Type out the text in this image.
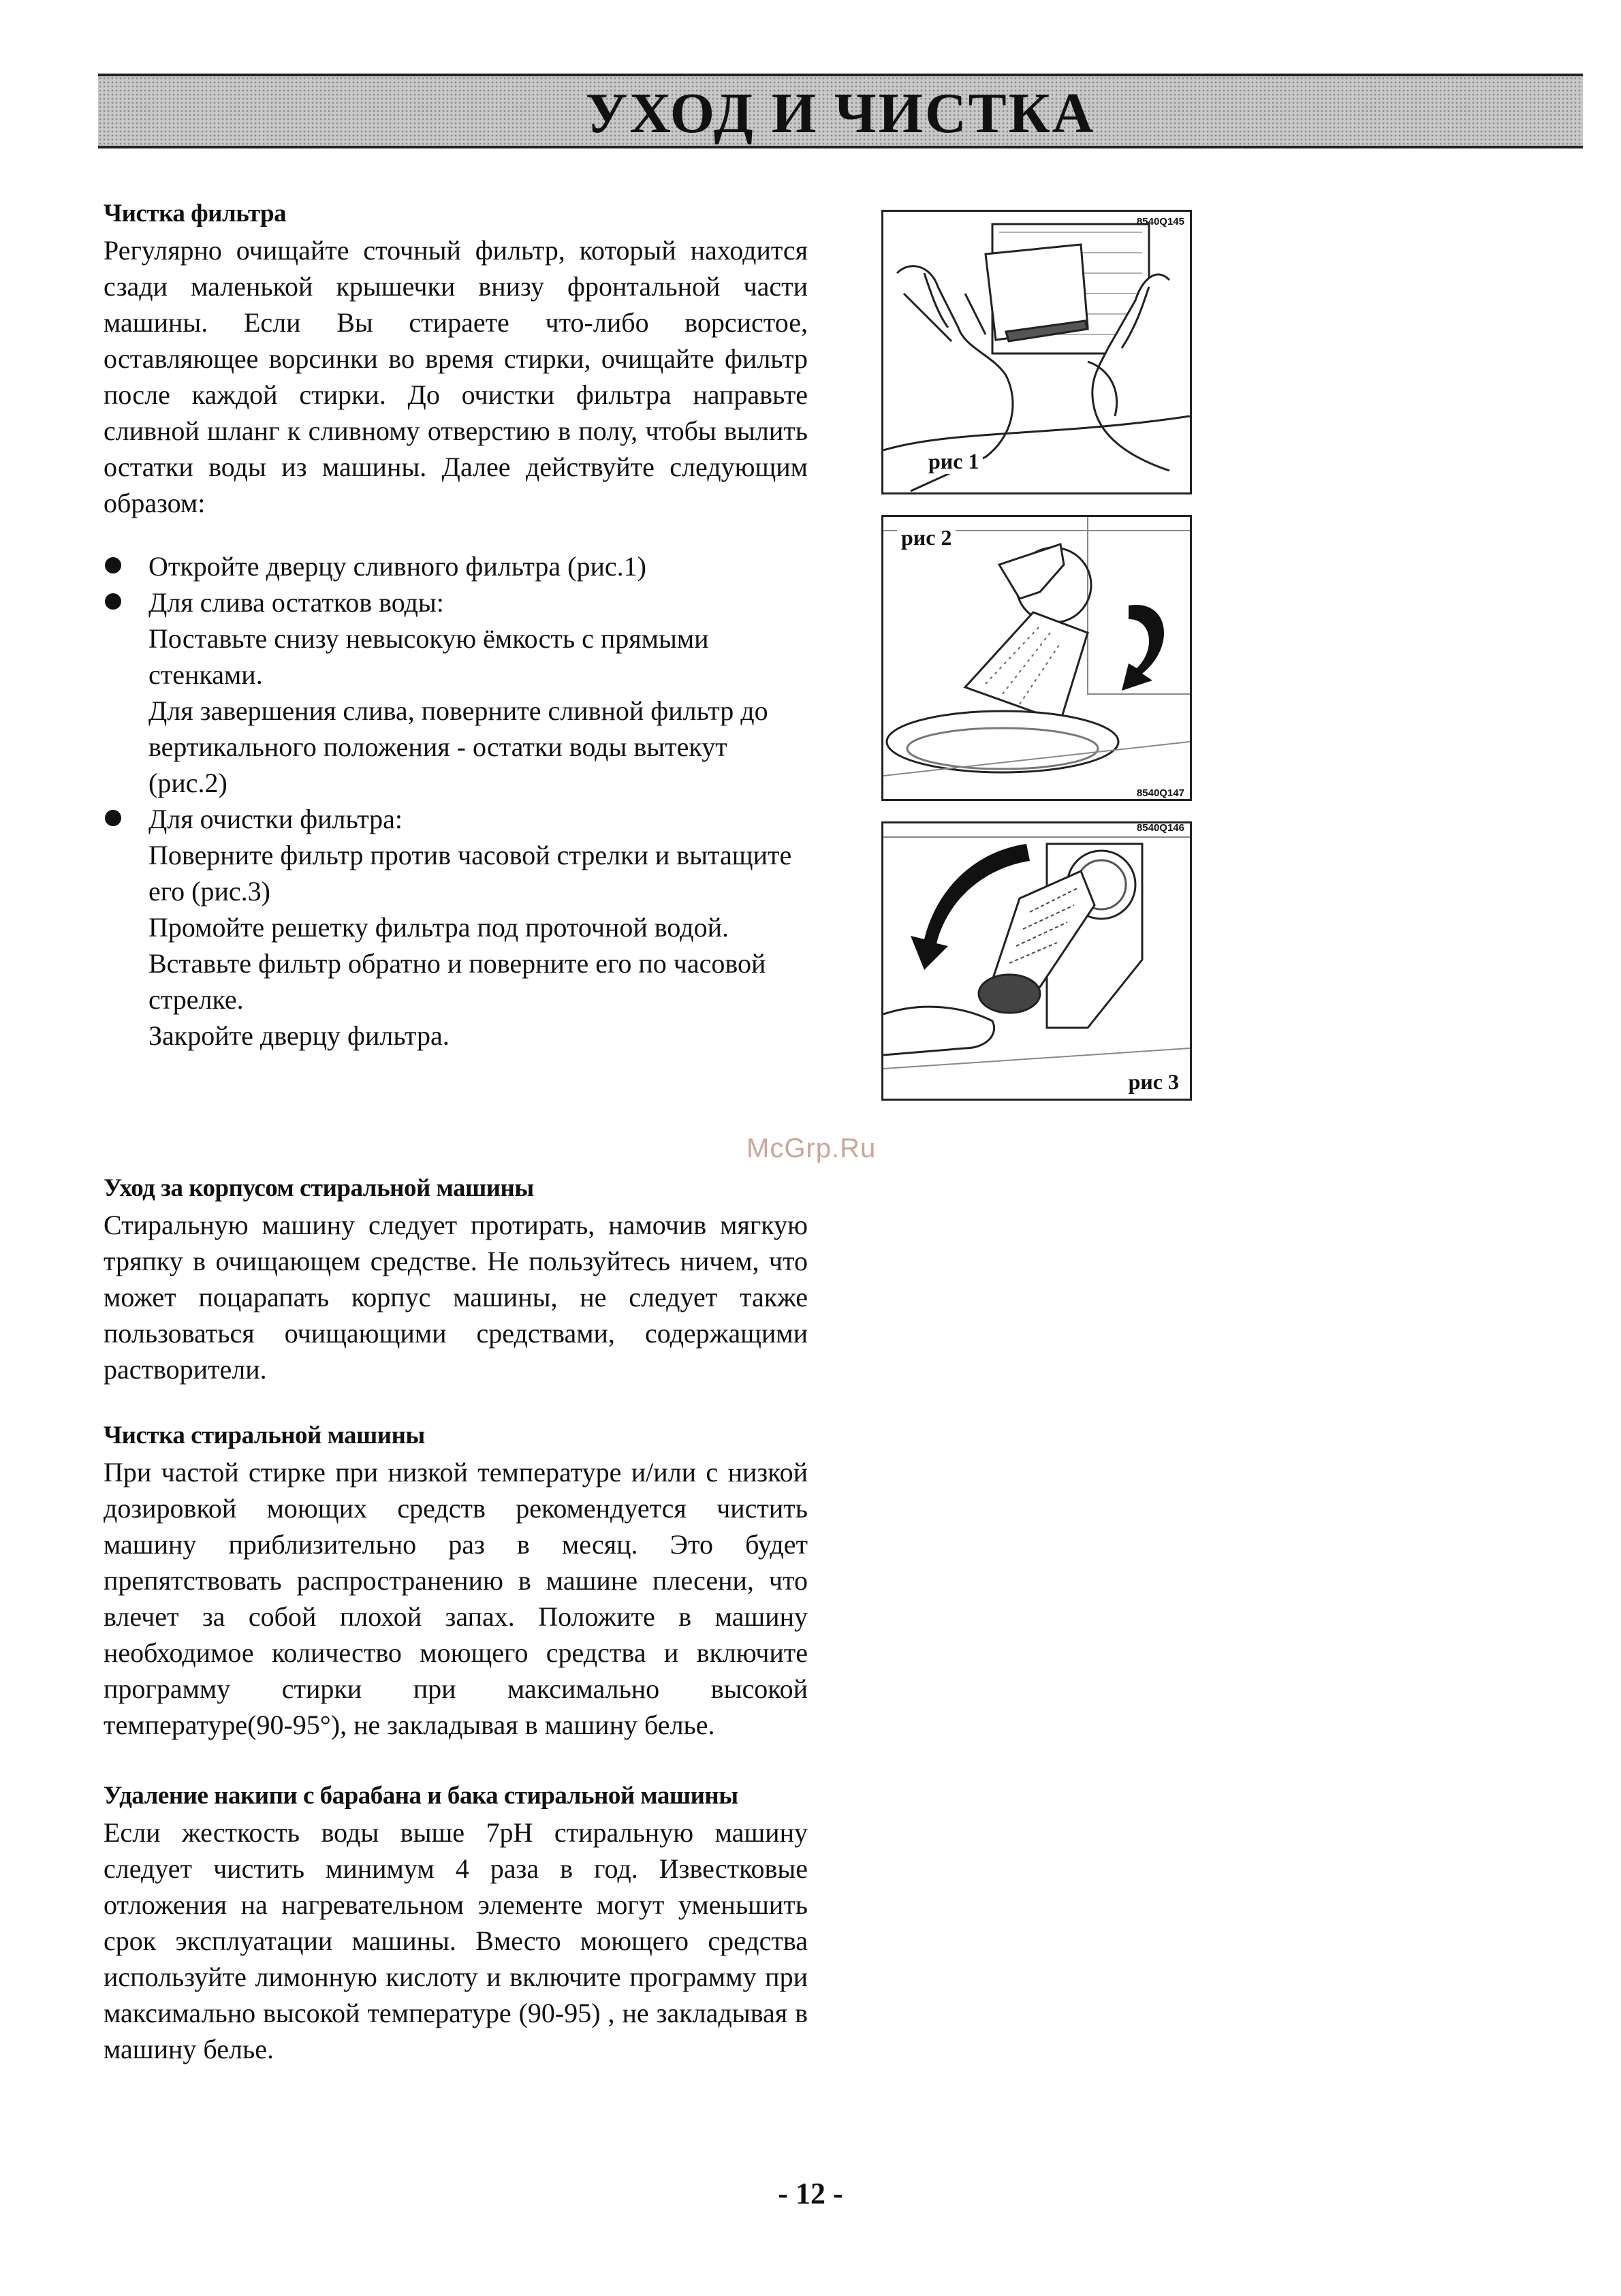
УХОД И ЧИСТКА
Чистка фильтра

Регулярно очищайте сточный фильтр, который находится сзади маленькой крышечки внизу фронтальной части машины. Если Вы стираете что-либо ворсистое, оставляющее ворсинки во время стирки, очищайте фильтр после каждой стирки. До очистки фильтра направьте сливной шланг к сливному отверстию в полу, чтобы вылить остатки воды из машины. Далее действуйте следующим образом:

Откройте дверцу сливного фильтра (рис.1)
Для слива остатков воды:
Поставьте снизу невысокую ёмкость с прямыми стенками.
Для завершения слива, поверните сливной фильтр до вертикального положения - остатки воды вытекут (рис.2)
Для очистки фильтра:
Поверните фильтр против часовой стрелки и вытащите его (рис.3)
Промойте решетку фильтра под проточной водой.
Вставьте фильтр обратно и поверните его по часовой стрелке.
Закройте дверцу фильтра.
8540Q145
рис 1
8540Q147
рис 2
8540Q146
рис 3
McGrp.Ru
Уход за корпусом стиральной машины

Стиральную машину следует протирать, намочив мягкую тряпку в очищающем средстве. Не пользуйтесь ничем, что может поцарапать корпус машины, не следует также пользоваться очищающими средствами, содержащими растворители.

Чистка стиральной машины

При частой стирке при низкой температуре и/или с низкой дозировкой моющих средств рекомендуется чистить машину приблизительно раз в месяц. Это будет препятствовать распространению в машине плесени, что влечет за собой плохой запах. Положите в машину необходимое количество моющего средства и включите программу стирки при максимально высокой температуре(90-95°), не закладывая в машину белье.

Удаление накипи с барабана и бака стиральной машины

Если жесткость воды выше 7pH стиральную машину следует чистить минимум 4 раза в год. Известковые отложения на нагревательном элементе могут уменьшить срок эксплуатации машины. Вместо моющего средства используйте лимонную кислоту и включите программу при максимально высокой температуре (90-95) , не закладывая в машину белье.

- 12 -
